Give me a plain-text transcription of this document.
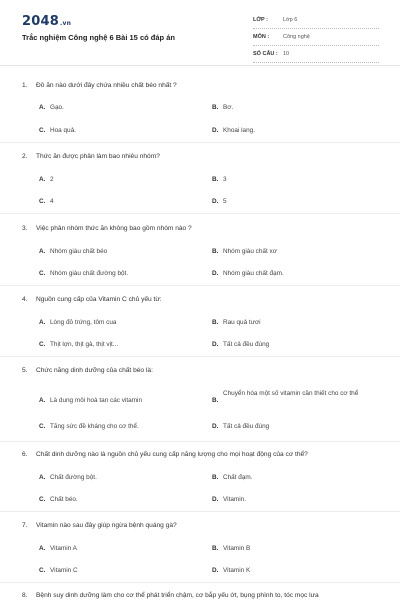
2048.vn
Trắc nghiệm Công nghệ 6 Bài 15 có đáp án
LỚP :	Lớp 6
MÔN :	Công nghệ
SỐ CÂU : 10
1. Đồ ăn nào dưới đây chứa nhiều chất béo nhất ?
A. Gạo.	B. Bơ.
C. Hoa quả.	D. Khoai lang.
2. Thức ăn được phân làm bao nhiêu nhóm?
A. 2	B. 3
C. 4	D. 5
3. Việc phân nhóm thức ăn không bao gồm nhóm nào ?
A. Nhóm giàu chất béo	B. Nhóm giàu chất xơ
C. Nhóm giàu chất đường bột.	D. Nhóm giàu chất đạm.
4. Nguồn cung cấp của Vitamin C chủ yếu từ:
A. Lòng đỏ trứng, tôm cua	B. Rau quả tươi
C. Thịt lợn, thịt gà, thịt vịt...	D. Tất cả đều đúng
5. Chức năng dinh dưỡng của chất béo là:
A. Là dung môi hoà tan các vitamin	B.
Chuyển hóa một số vitamin cần thiết cho cơ thể
C. Tăng sức đề kháng cho cơ thể.	D. Tất cả đều đúng
6. Chất dinh dưỡng nào là nguồn chủ yếu cung cấp năng lượng cho mọi hoạt động của cơ thể?
A. Chất đường bột.	B. Chất đạm.
C. Chất béo.	D. Vitamin.
7. Vitamin nào sau đây giúp ngừa bệnh quáng gà?
A. Vitamin A	B. Vitamin B
C. Vitamin C	D. Vitamin K
8. Bệnh suy dinh dưỡng làm cho cơ thể phát triển chậm, cơ bắp yếu ớt, bụng phình to, tóc mọc lưa
